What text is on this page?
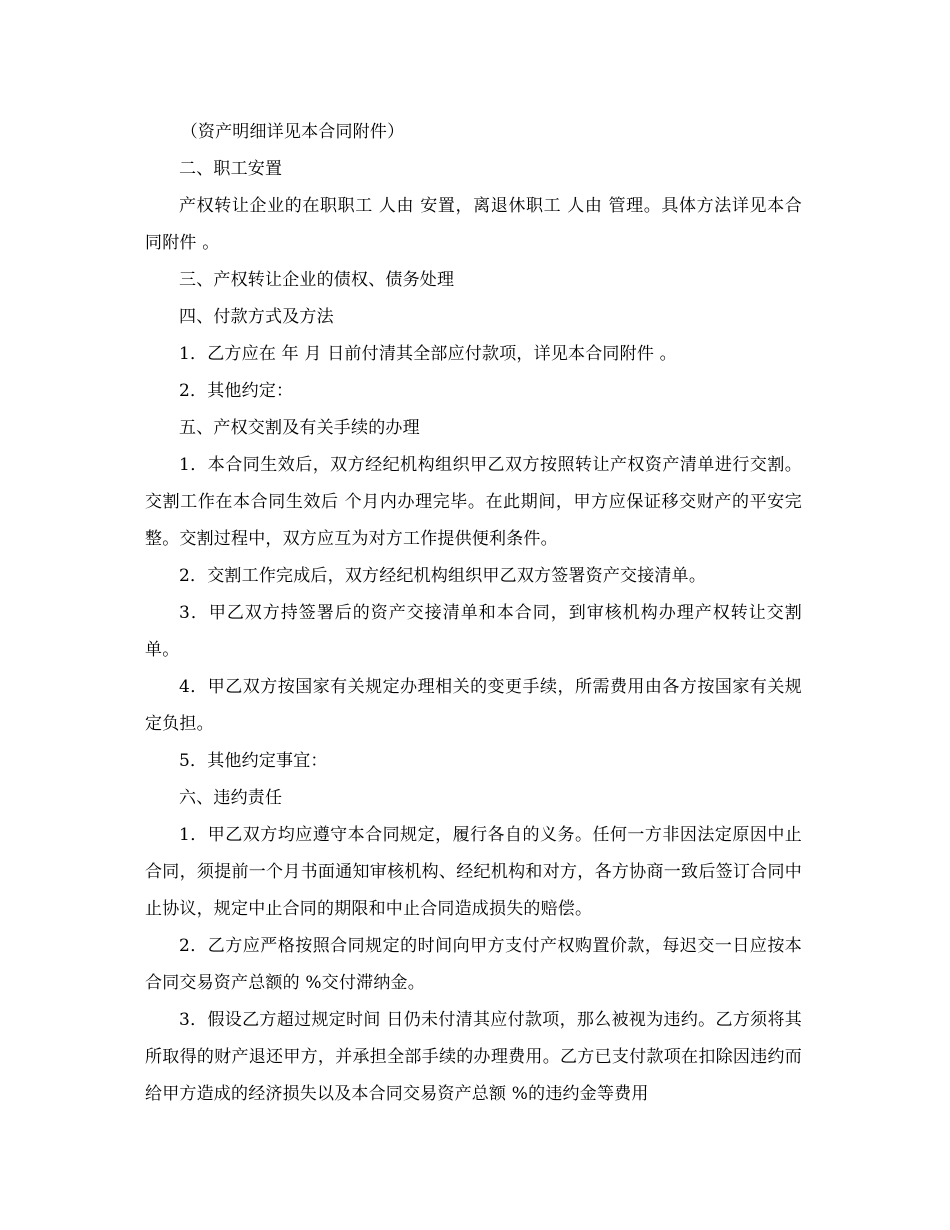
（资产明细详见本合同附件）

二、职工安置

产权转让企业的在职职工 人由 安置，离退休职工 人由 管理。具体方法详见本合同附件 。

三、产权转让企业的债权、债务处理

四、付款方式及方法

1．乙方应在 年 月 日前付清其全部应付款项，详见本合同附件 。

2．其他约定：

五、产权交割及有关手续的办理

1．本合同生效后，双方经纪机构组织甲乙双方按照转让产权资产清单进行交割。交割工作在本合同生效后 个月内办理完毕。在此期间，甲方应保证移交财产的平安完整。交割过程中，双方应互为对方工作提供便利条件。

2．交割工作完成后，双方经纪机构组织甲乙双方签署资产交接清单。

3．甲乙双方持签署后的资产交接清单和本合同，到审核机构办理产权转让交割单。

4．甲乙双方按国家有关规定办理相关的变更手续，所需费用由各方按国家有关规定负担。

5．其他约定事宜：

六、违约责任

1．甲乙双方均应遵守本合同规定，履行各自的义务。任何一方非因法定原因中止合同，须提前一个月书面通知审核机构、经纪机构和对方，各方协商一致后签订合同中止协议，规定中止合同的期限和中止合同造成损失的赔偿。

2．乙方应严格按照合同规定的时间向甲方支付产权购置价款，每迟交一日应按本合同交易资产总额的 %交付滞纳金。

3．假设乙方超过规定时间 日仍未付清其应付款项，那么被视为违约。乙方须将其所取得的财产退还甲方，并承担全部手续的办理费用。乙方已支付款项在扣除因违约而给甲方造成的经济损失以及本合同交易资产总额 %的违约金等费用
